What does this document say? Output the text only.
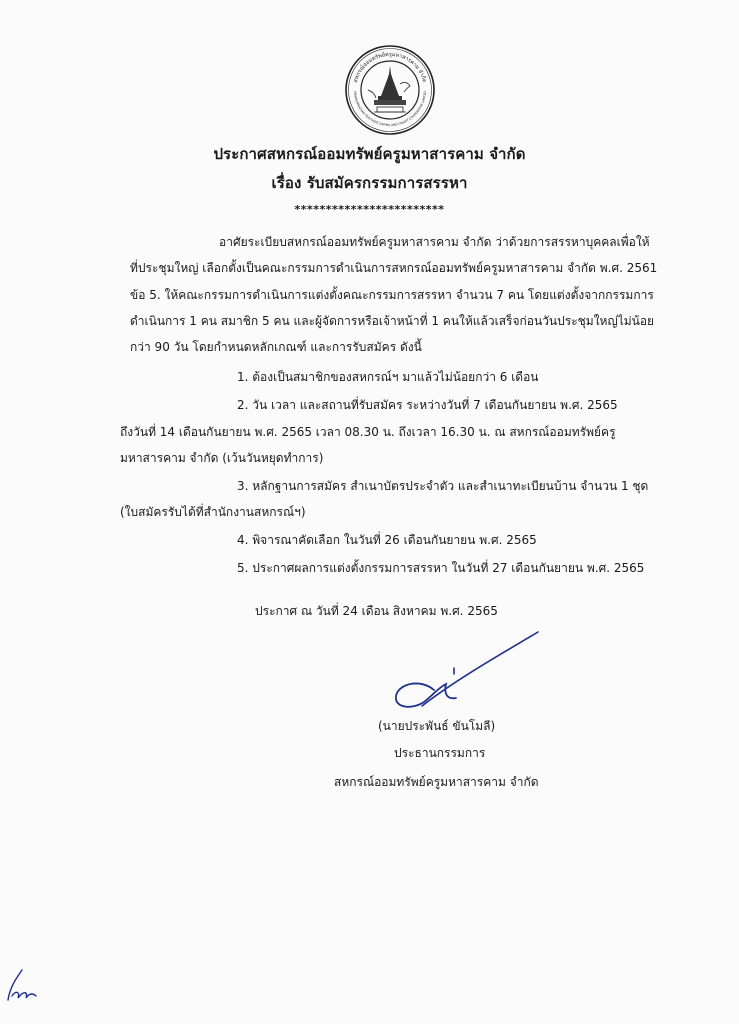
สหกรณ์ออมทรัพย์ครูมหาสารคาม จำกัด
MAHASARAKHAM TEACHERS SAVING AND CREDIT COOPERATIVE LIMITED
ประกาศสหกรณ์ออมทรัพย์ครูมหาสารคาม จำกัด
เรื่อง รับสมัครกรรมการสรรหา
************************
อาศัยระเบียบสหกรณ์ออมทรัพย์ครูมหาสารคาม จำกัด ว่าด้วยการสรรหาบุคคลเพื่อให้
ที่ประชุมใหญ่ เลือกตั้งเป็นคณะกรรมการดำเนินการสหกรณ์ออมทรัพย์ครูมหาสารคาม จำกัด พ.ศ. 2561
ข้อ 5. ให้คณะกรรมการดำเนินการแต่งตั้งคณะกรรมการสรรหา จำนวน 7 คน โดยแต่งตั้งจากกรรมการ
ดำเนินการ 1 คน สมาชิก 5 คน และผู้จัดการหรือเจ้าหน้าที่ 1 คนให้แล้วเสร็จก่อนวันประชุมใหญ่ไม่น้อย
กว่า 90 วัน โดยกำหนดหลักเกณฑ์ และการรับสมัคร ดังนี้
1. ต้องเป็นสมาชิกของสหกรณ์ฯ มาแล้วไม่น้อยกว่า 6 เดือน
2. วัน เวลา และสถานที่รับสมัคร ระหว่างวันที่ 7 เดือนกันยายน พ.ศ. 2565
ถึงวันที่ 14 เดือนกันยายน พ.ศ. 2565 เวลา 08.30 น. ถึงเวลา 16.30 น. ณ สหกรณ์ออมทรัพย์ครู
มหาสารคาม จำกัด (เว้นวันหยุดทำการ)
3. หลักฐานการสมัคร สำเนาบัตรประจำตัว และสำเนาทะเบียนบ้าน จำนวน 1 ชุด
(ใบสมัครรับได้ที่สำนักงานสหกรณ์ฯ)
4. พิจารณาคัดเลือก ในวันที่ 26 เดือนกันยายน พ.ศ. 2565
5. ประกาศผลการแต่งตั้งกรรมการสรรหา ในวันที่ 27 เดือนกันยายน พ.ศ. 2565
ประกาศ ณ วันที่ 24 เดือน สิงหาคม พ.ศ. 2565
(นายประพันธ์ ขันโมลี)
ประธานกรรมการ
สหกรณ์ออมทรัพย์ครูมหาสารคาม จำกัด
